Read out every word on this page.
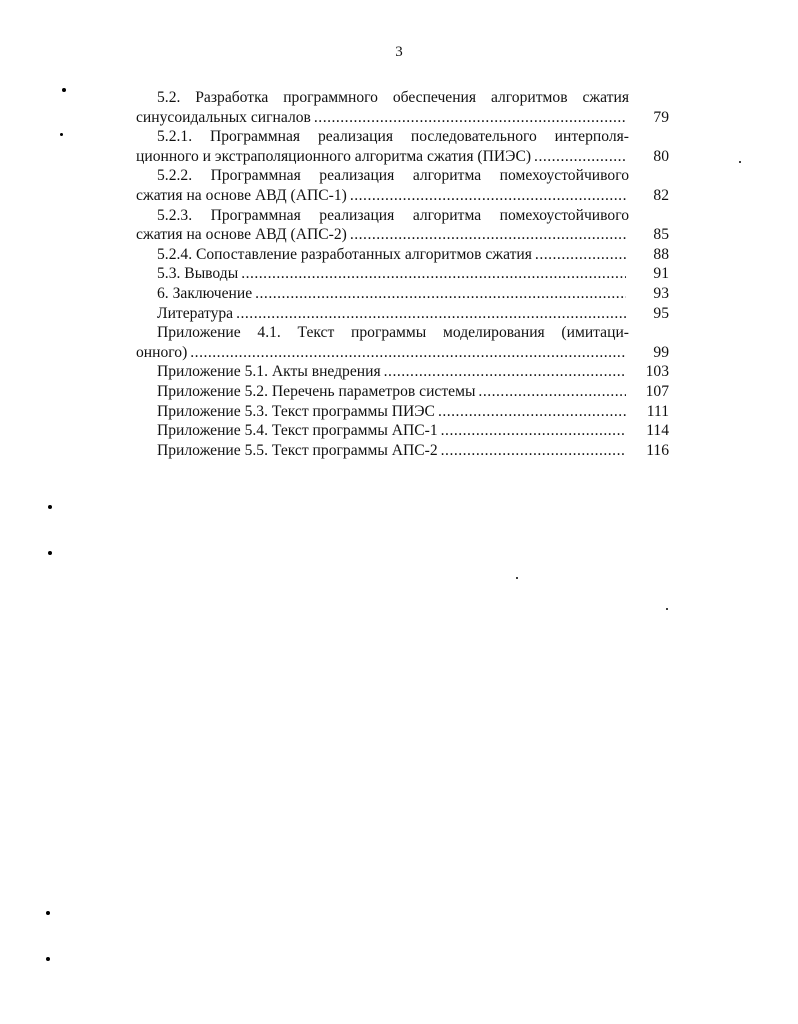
3
5.2. Разработка программного обеспечения алгоритмов сжатия
синусоидальных сигналов .....	79
5.2.1. Программная реализация последовательного интерполя-
ционного и экстраполяционного алгоритма сжатия (ПИЭС) .....	80
5.2.2. Программная реализация алгоритма помехоустойчивого
сжатия на основе АВД (АПС-1) .....	82
5.2.3. Программная реализация алгоритма помехоустойчивого
сжатия на основе АВД (АПС-2) .....	85
5.2.4. Сопоставление разработанных алгоритмов сжатия .....	88
5.3. Выводы .....	91
6. Заключение .....	93
Литература .....	95
Приложение 4.1. Текст программы моделирования (имитаци-
онного) .....	99
Приложение 5.1. Акты внедрения .....	103
Приложение 5.2. Перечень параметров системы .....	107
Приложение 5.3. Текст программы ПИЭС .....	111
Приложение 5.4. Текст программы АПС-1 .....	114
Приложение 5.5. Текст программы АПС-2 .....	116
